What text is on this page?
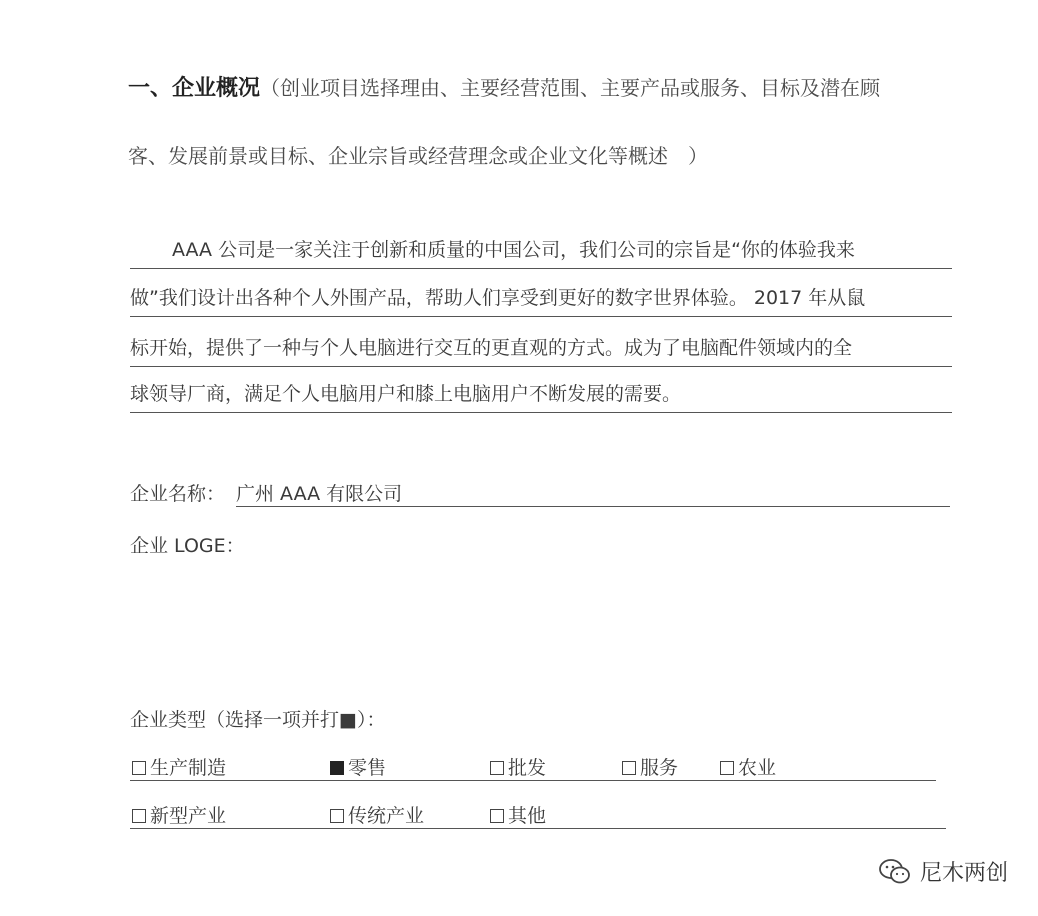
一、企业概况（创业项目选择理由、主要经营范围、主要产品或服务、目标及潜在顾
客、发展前景或目标、企业宗旨或经营理念或企业文化等概述　）
AAA 公司是一家关注于创新和质量的中国公司，我们公司的宗旨是“你的体验我来
做”我们设计出各种个人外围产品，帮助人们享受到更好的数字世界体验。 2017 年从鼠
标开始，提供了一种与个人电脑进行交互的更直观的方式。成为了电脑配件领域内的全
球领导厂商，满足个人电脑用户和膝上电脑用户不断发展的需要。
企业名称： 广州 AAA 有限公司
企业 LOGE：
企业类型（选择一项并打■）：
生产制造	零售	批发	服务	农业
新型产业	传统产业	其他
尼木两创
